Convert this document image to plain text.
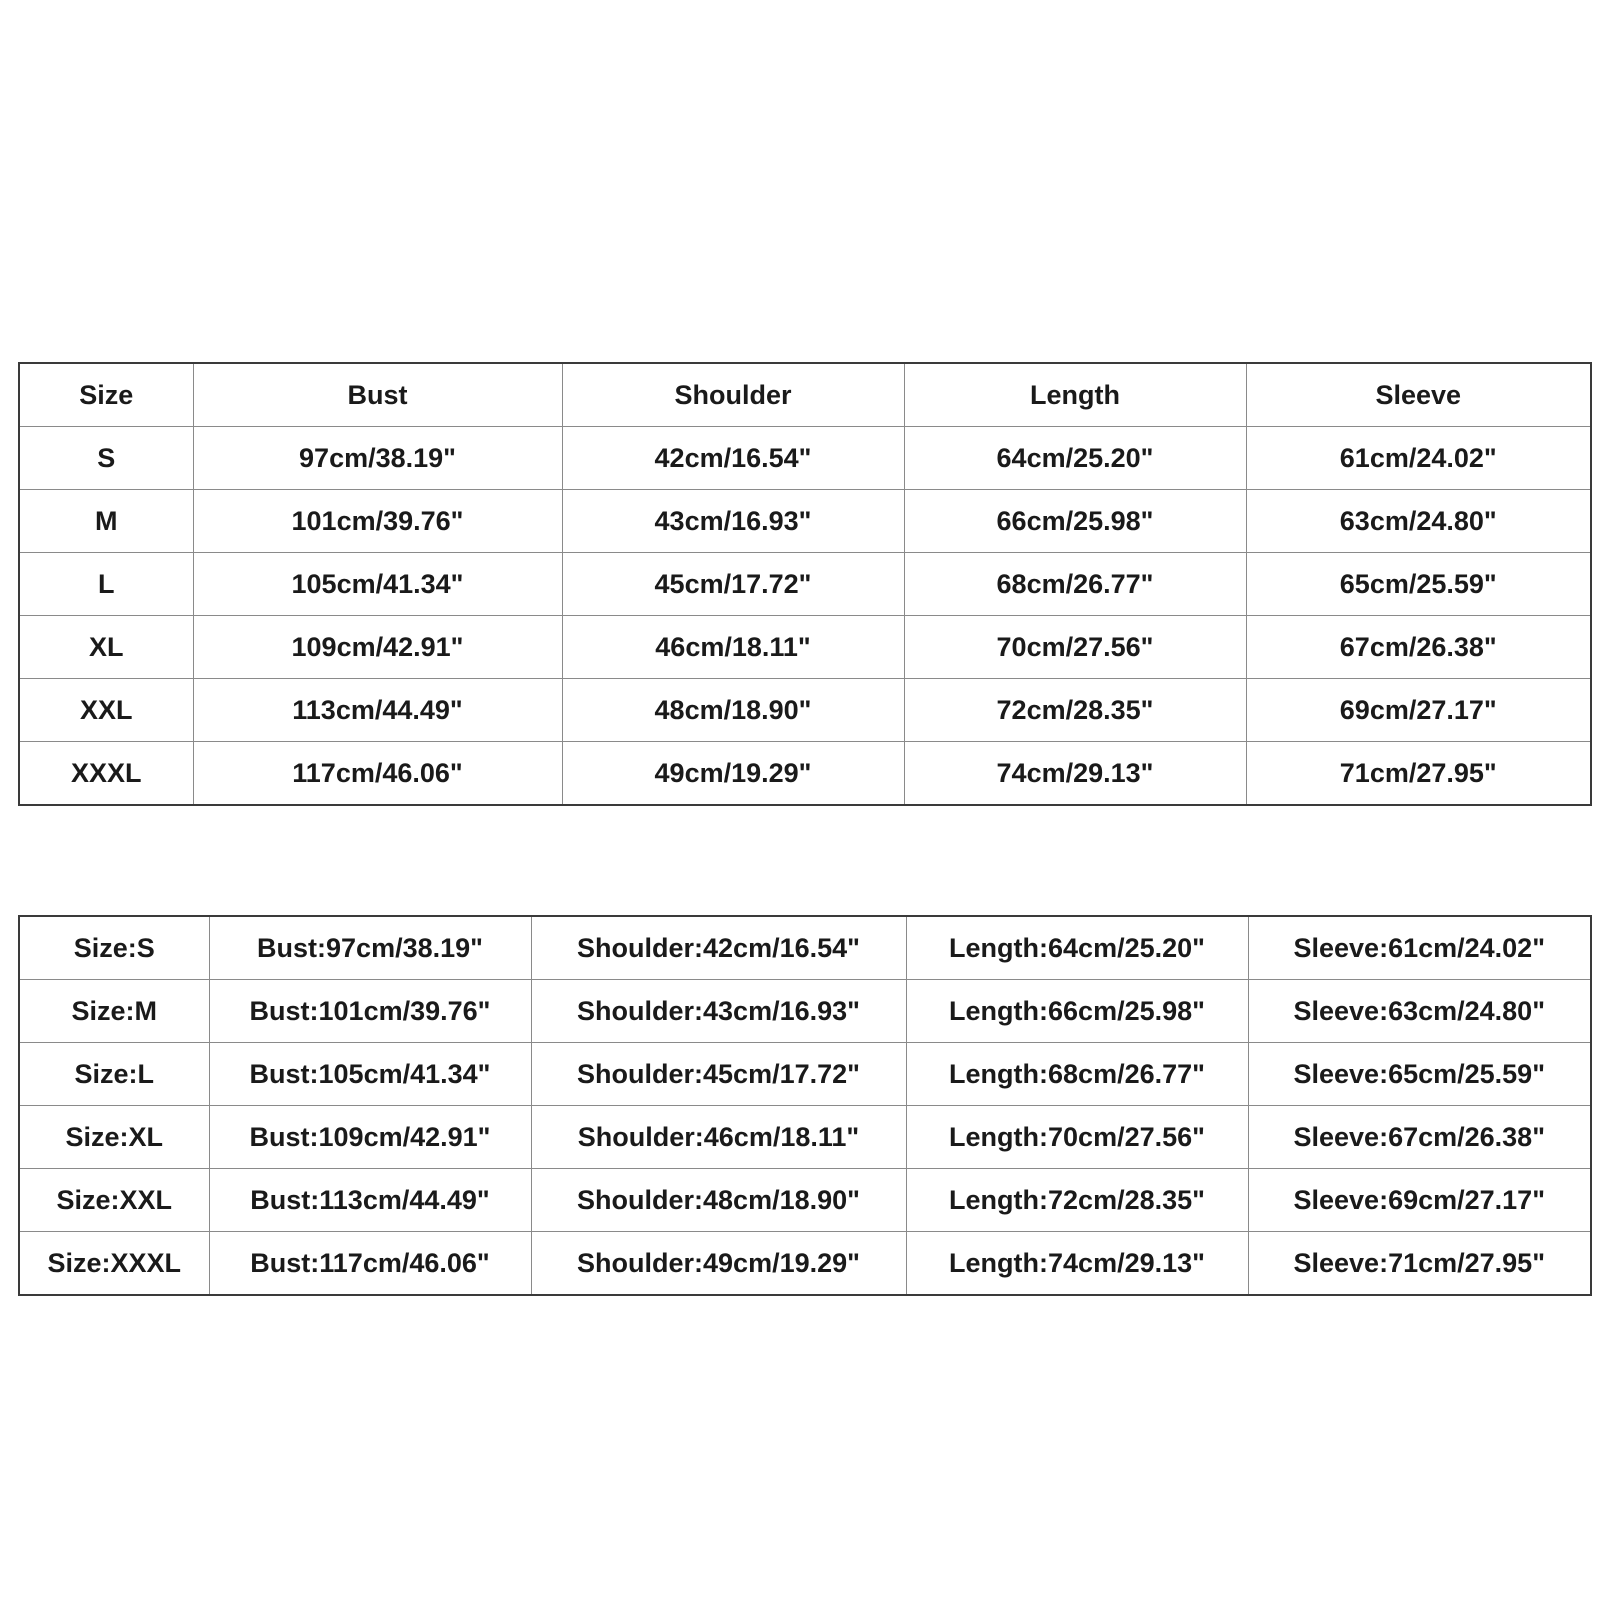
Size	Bust	Shoulder	Length	Sleeve
S	97cm/38.19"	42cm/16.54"	64cm/25.20"	61cm/24.02"
M	101cm/39.76"	43cm/16.93"	66cm/25.98"	63cm/24.80"
L	105cm/41.34"	45cm/17.72"	68cm/26.77"	65cm/25.59"
XL	109cm/42.91"	46cm/18.11"	70cm/27.56"	67cm/26.38"
XXL	113cm/44.49"	48cm/18.90"	72cm/28.35"	69cm/27.17"
XXXL	117cm/46.06"	49cm/19.29"	74cm/29.13"	71cm/27.95"
Size:S	Bust:97cm/38.19"	Shoulder:42cm/16.54"	Length:64cm/25.20"	Sleeve:61cm/24.02"
Size:M	Bust:101cm/39.76"	Shoulder:43cm/16.93"	Length:66cm/25.98"	Sleeve:63cm/24.80"
Size:L	Bust:105cm/41.34"	Shoulder:45cm/17.72"	Length:68cm/26.77"	Sleeve:65cm/25.59"
Size:XL	Bust:109cm/42.91"	Shoulder:46cm/18.11"	Length:70cm/27.56"	Sleeve:67cm/26.38"
Size:XXL	Bust:113cm/44.49"	Shoulder:48cm/18.90"	Length:72cm/28.35"	Sleeve:69cm/27.17"
Size:XXXL	Bust:117cm/46.06"	Shoulder:49cm/19.29"	Length:74cm/29.13"	Sleeve:71cm/27.95"
